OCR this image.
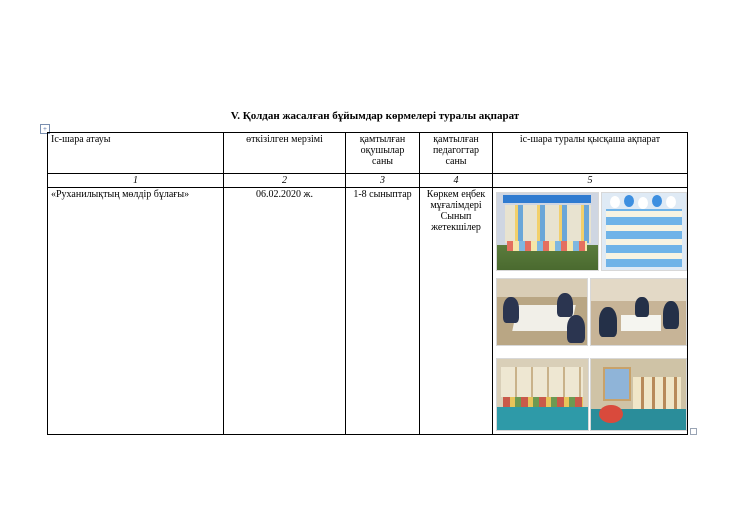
V. Қолдан жасалған бұйымдар көрмелері туралы ақпарат
+
Іс-шара атауы	өткізілген мерзімі	қамтылған оқушылар саны	қамтылған педагогтар саны	іс-шара туралы қысқаша ақпарат
1	2	3	4	5
«Руханилықтың мөлдір бұлағы»	06.02.2020 ж.	1-8 сыныптар	Көркем еңбек мұғалімдері Сынып жетекшілер	
